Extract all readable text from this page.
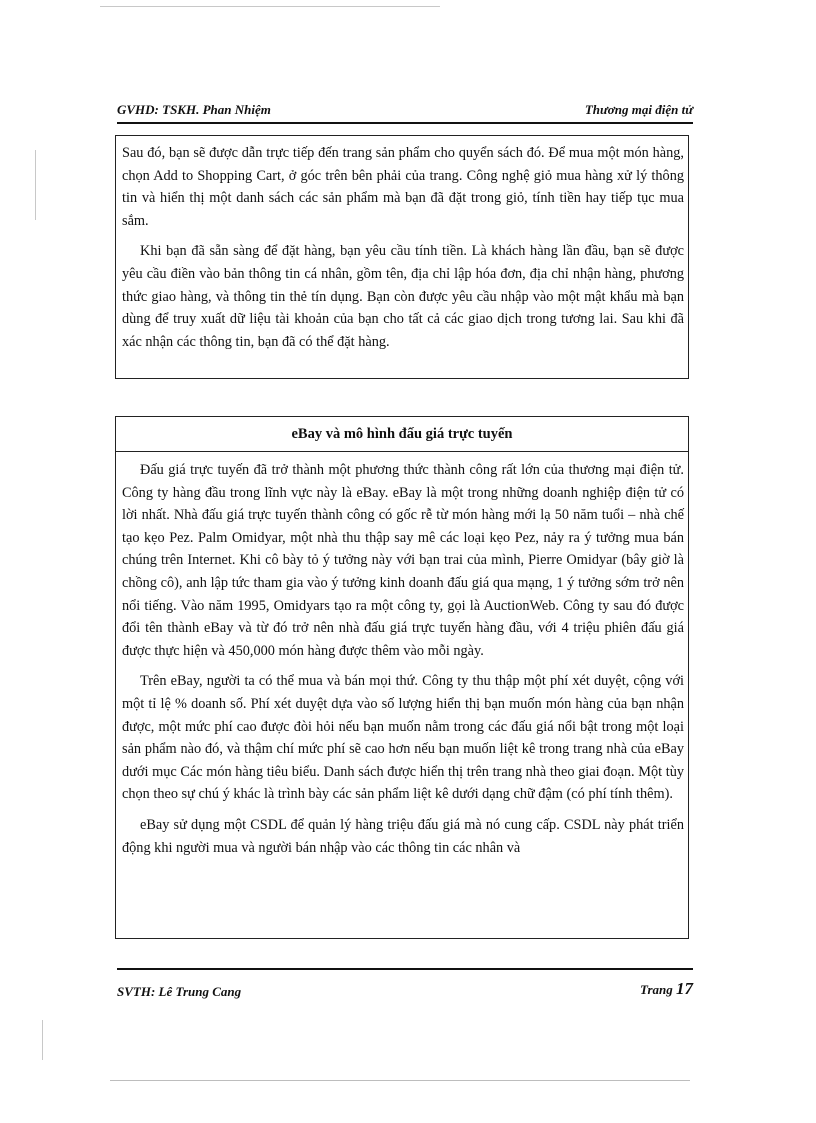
GVHD: TSKH. Phan Nhiệm	Thương mại điện tử

Sau đó, bạn sẽ được dẫn trực tiếp đến trang sản phẩm cho quyển sách đó. Để mua một món hàng, chọn Add to Shopping Cart, ở góc trên bên phải của trang. Công nghệ giỏ mua hàng xử lý thông tin và hiển thị một danh sách các sản phẩm mà bạn đã đặt trong giỏ, tính tiền hay tiếp tục mua sắm.

Khi bạn đã sẵn sàng để đặt hàng, bạn yêu cầu tính tiền. Là khách hàng lần đầu, bạn sẽ được yêu cầu điền vào bản thông tin cá nhân, gồm tên, địa chỉ lập hóa đơn, địa chỉ nhận hàng, phương thức giao hàng, và thông tin thẻ tín dụng. Bạn còn được yêu cầu nhập vào một mật khẩu mà bạn dùng để truy xuất dữ liệu tài khoản của bạn cho tất cả các giao dịch trong tương lai. Sau khi đã xác nhận các thông tin, bạn đã có thể đặt hàng.

eBay và mô hình đấu giá trực tuyến

Đấu giá trực tuyến đã trở thành một phương thức thành công rất lớn của thương mại điện tử. Công ty hàng đầu trong lĩnh vực này là eBay. eBay là một trong những doanh nghiệp điện tử có lời nhất. Nhà đấu giá trực tuyến thành công có gốc rễ từ món hàng mới lạ 50 năm tuổi – nhà chế tạo kẹo Pez. Palm Omidyar, một nhà thu thập say mê các loại kẹo Pez, nảy ra ý tưởng mua bán chúng trên Internet. Khi cô bày tỏ ý tưởng này với bạn trai của mình, Pierre Omidyar (bây giờ là chồng cô), anh lập tức tham gia vào ý tưởng kinh doanh đấu giá qua mạng, 1 ý tưởng sớm trở nên nổi tiếng. Vào năm 1995, Omidyars tạo ra một công ty, gọi là AuctionWeb. Công ty sau đó được đổi tên thành eBay và từ đó trở nên nhà đấu giá trực tuyến hàng đầu, với 4 triệu phiên đấu giá được thực hiện và 450,000 món hàng được thêm vào mỗi ngày.

Trên eBay, người ta có thể mua và bán mọi thứ. Công ty thu thập một phí xét duyệt, cộng với một tỉ lệ % doanh số. Phí xét duyệt dựa vào số lượng hiển thị bạn muốn món hàng của bạn nhận được, một mức phí cao được đòi hỏi nếu bạn muốn nằm trong các đấu giá nổi bật trong một loại sản phẩm nào đó, và thậm chí mức phí sẽ cao hơn nếu bạn muốn liệt kê trong trang nhà của eBay dưới mục Các món hàng tiêu biểu. Danh sách được hiển thị trên trang nhà theo giai đoạn. Một tùy chọn theo sự chú ý khác là trình bày các sản phẩm liệt kê dưới dạng chữ đậm (có phí tính thêm).

eBay sử dụng một CSDL để quản lý hàng triệu đấu giá mà nó cung cấp. CSDL này phát triển động khi người mua và người bán nhập vào các thông tin các nhân và

SVTH: Lê Trung Cang	Trang 17
